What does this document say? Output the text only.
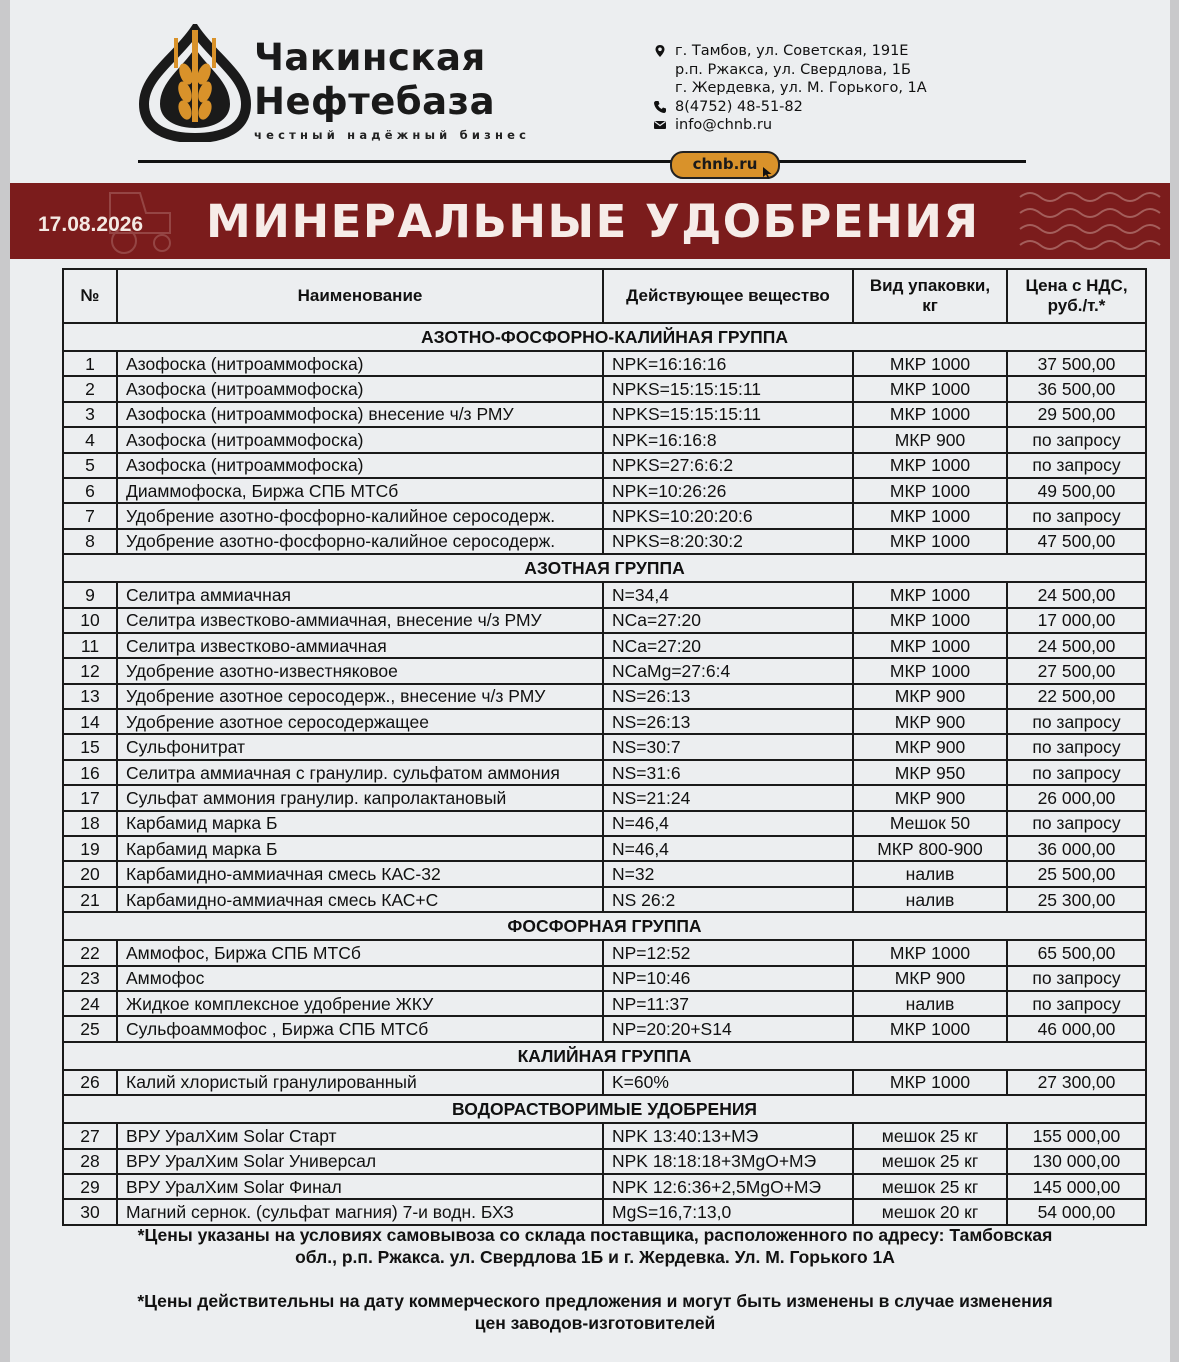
Чакинская
Нефтебаза
честный надёжный бизнес
г. Тамбов, ул. Советская, 191Е
р.п. Ржакса, ул. Свердлова, 1Б
г. Жердевка, ул. М. Горького, 1А
8(4752) 48-51-82
info@chnb.ru
chnb.ru
17.08.2026 МИНЕРАЛЬНЫЕ УДОБРЕНИЯ
№	Наименование	Действующее вещество	Вид упаковки, кг	Цена с НДС, руб./т.*
АЗОТНО-ФОСФОРНО-КАЛИЙНАЯ ГРУППА				
1	Азофоска (нитроаммофоска)	NPK=16:16:16	МКР 1000	37 500,00
2	Азофоска (нитроаммофоска)	NPKS=15:15:15:11	МКР 1000	36 500,00
3	Азофоска (нитроаммофоска) внесение ч/з РМУ	NPKS=15:15:15:11	МКР 1000	29 500,00
4	Азофоска (нитроаммофоска)	NPK=16:16:8	МКР 900	по запросу
5	Азофоска (нитроаммофоска)	NPKS=27:6:6:2	МКР 1000	по запросу
6	Диаммофоска, Биржа СПБ МТСб	NPK=10:26:26	МКР 1000	49 500,00
7	Удобрение азотно-фосфорно-калийное серосодерж.	NPKS=10:20:20:6	МКР 1000	по запросу
8	Удобрение азотно-фосфорно-калийное серосодерж.	NPKS=8:20:30:2	МКР 1000	47 500,00
АЗОТНАЯ ГРУППА				
9	Селитра аммиачная	N=34,4	МКР 1000	24 500,00
10	Селитра известково-аммиачная, внесение ч/з РМУ	NCa=27:20	МКР 1000	17 000,00
11	Селитра известково-аммиачная	NCa=27:20	МКР 1000	24 500,00
12	Удобрение азотно-известняковое	NCaMg=27:6:4	МКР 1000	27 500,00
13	Удобрение азотное серосодерж., внесение ч/з РМУ	NS=26:13	МКР 900	22 500,00
14	Удобрение азотное серосодержащее	NS=26:13	МКР 900	по запросу
15	Сульфонитрат	NS=30:7	МКР 900	по запросу
16	Селитра аммиачная с гранулир. сульфатом аммония	NS=31:6	МКР 950	по запросу
17	Сульфат аммония гранулир. капролактановый	NS=21:24	МКР 900	26 000,00
18	Карбамид марка Б	N=46,4	Мешок 50	по запросу
19	Карбамид марка Б	N=46,4	МКР 800-900	36 000,00
20	Карбамидно-аммиачная смесь КАС-32	N=32	налив	25 500,00
21	Карбамидно-аммиачная смесь КАС+С	NS 26:2	налив	25 300,00
ФОСФОРНАЯ ГРУППА				
22	Аммофос, Биржа СПБ МТСб	NP=12:52	МКР 1000	65 500,00
23	Аммофос	NP=10:46	МКР 900	по запросу
24	Жидкое комплексное удобрение ЖКУ	NP=11:37	налив	по запросу
25	Сульфоаммофос , Биржа СПБ МТСб	NP=20:20+S14	МКР 1000	46 000,00
КАЛИЙНАЯ ГРУППА				
26	Калий хлористый гранулированный	K=60%	МКР 1000	27 300,00
ВОДОРАСТВОРИМЫЕ УДОБРЕНИЯ				
27	ВРУ УралХим Solar Старт	NPK 13:40:13+МЭ	мешок 25 кг	155 000,00
28	ВРУ УралХим Solar Универсал	NPK 18:18:18+3MgO+МЭ	мешок 25 кг	130 000,00
29	ВРУ УралХим Solar Финал	NPK 12:6:36+2,5MgO+МЭ	мешок 25 кг	145 000,00
30	Магний сернок. (сульфат магния) 7-и водн. БХЗ	MgS=16,7:13,0	мешок 20 кг	54 000,00
*Цены указаны на условиях самовывоза со склада поставщика, расположенного по адресу: Тамбовская
обл., р.п. Ржакса. ул. Свердлова 1Б и г. Жердевка. Ул. М. Горького 1А
*Цены действительны на дату коммерческого предложения и могут быть изменены в случае изменения
цен заводов-изготовителей
